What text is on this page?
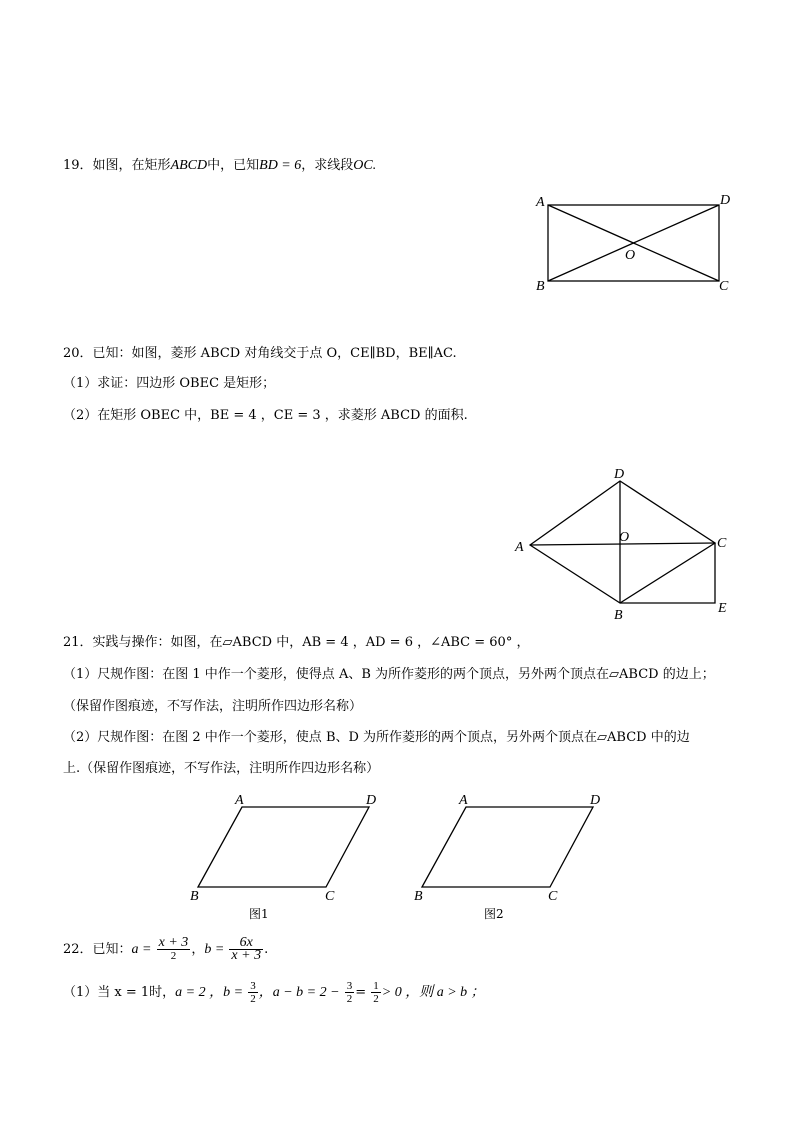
19．如图，在矩形ABCD中，已知BD = 6，求线段OC.
A	D
O
B	C
20．已知：如图，菱形 ABCD 对角线交于点 O，CE∥BD，BE∥AC.
（1）求证：四边形 OBEC 是矩形；
（2）在矩形 OBEC 中，BE = 4 ，CE = 3 ，求菱形 ABCD 的面积.
D
A
O	C
B	E
21．实践与操作：如图，在▱ABCD 中，AB = 4 ，AD = 6 ，∠ABC = 60° ，
（1）尺规作图：在图 1 中作一个菱形，使得点 A、B 为所作菱形的两个顶点，另外两个顶点在▱ABCD 的边上；
（保留作图痕迹，不写作法，注明所作四边形名称）
（2）尺规作图：在图 2 中作一个菱形，使点 B、D 为所作菱形的两个顶点，另外两个顶点在▱ABCD 中的边
上.（保留作图痕迹，不写作法，注明所作四边形名称）
A	D
B	C
图1
A	D
B	C
图2
22．已知：$a = \frac{x + 3}{2}$ ，$b = \frac{6x}{x + 3}$ .
（1）当 x = 1时，a = 2 ，$b = \frac{3}{2}$ ，$a - b = 2 - \frac{3}{2} = \frac{1}{2} > 0$ ，则 a > b ；
